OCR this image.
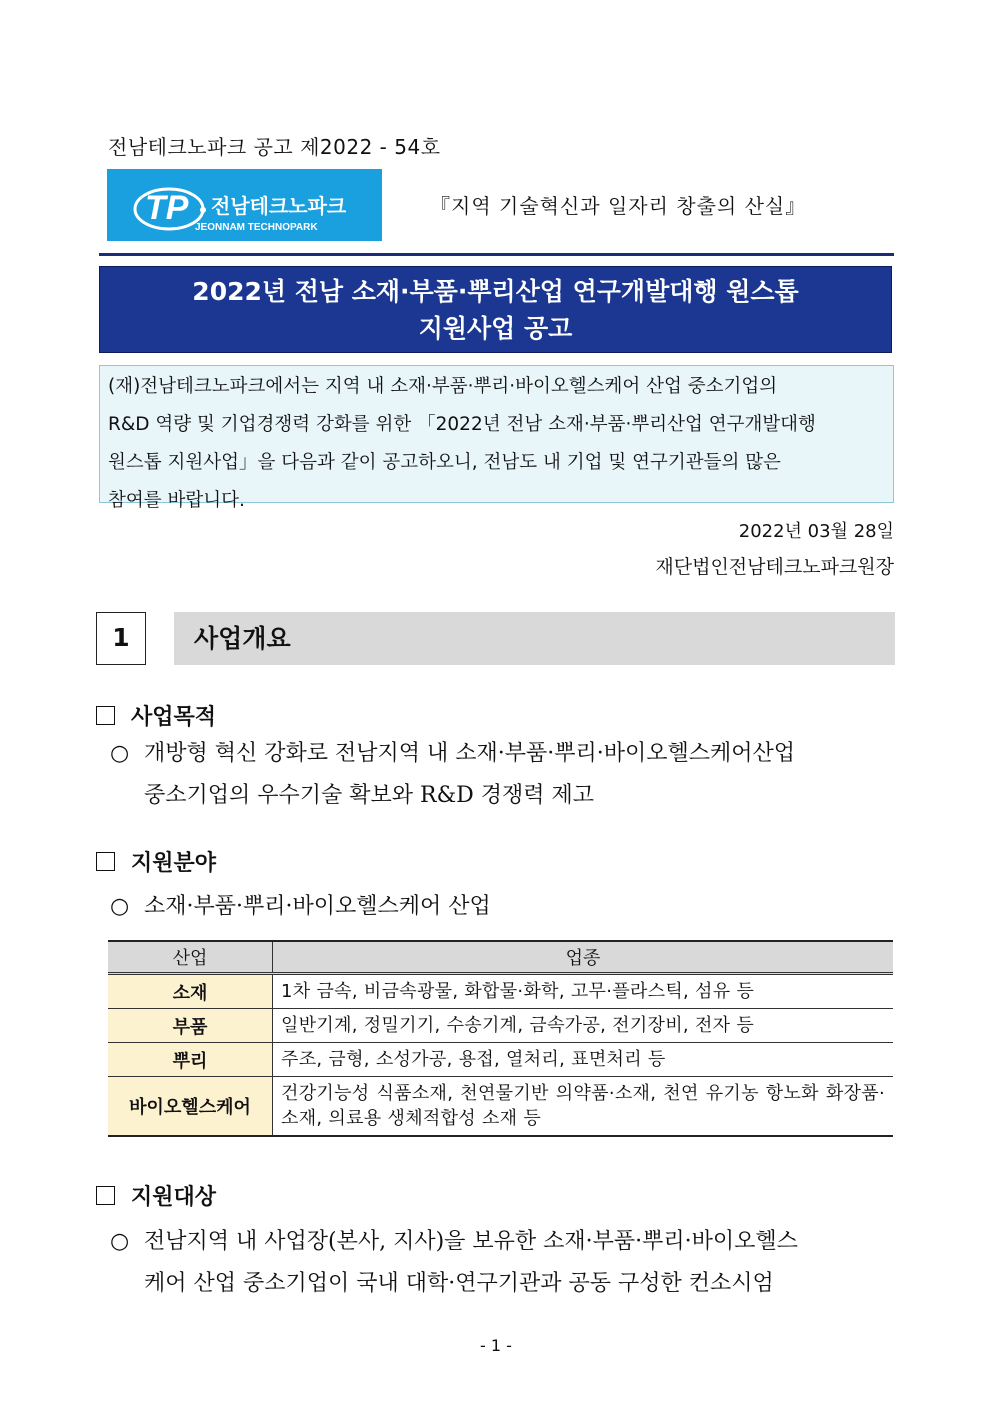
전남테크노파크 공고 제2022 - 54호
TP 전남테크노파크
JEONNAM TECHNOPARK
『지역 기술혁신과 일자리 창출의 산실』
2022년 전남 소재·부품·뿌리산업 연구개발대행 원스톱
지원사업 공고
(재)전남테크노파크에서는 지역 내 소재·부품·뿌리·바이오헬스케어 산업 중소기업의
R&D 역량 및 기업경쟁력 강화를 위한 「2022년 전남 소재·부품·뿌리산업 연구개발대행
원스톱 지원사업」을 다음과 같이 공고하오니, 전남도 내 기업 및 연구기관들의 많은
참여를 바랍니다.
2022년 03월 28일
재단법인전남테크노파크원장
1	사업개요
사업목적
○ 개방형 혁신 강화로 전남지역 내 소재·부품·뿌리·바이오헬스케어산업
중소기업의 우수기술 확보와 R&D 경쟁력 제고
지원분야
○ 소재·부품·뿌리·바이오헬스케어 산업
산업	업종
소재	1차 금속, 비금속광물, 화합물·화학, 고무·플라스틱, 섬유 등
부품	일반기계, 정밀기기, 수송기계, 금속가공, 전기장비, 전자 등
뿌리	주조, 금형, 소성가공, 용접, 열처리, 표면처리 등
바이오헬스케어	건강기능성 식품소재, 천연물기반 의약품·소재, 천연 유기농 항노화 화장품·소재, 의료용 생체적합성 소재 등
지원대상
○ 전남지역 내 사업장(본사, 지사)을 보유한 소재·부품·뿌리·바이오헬스
케어 산업 중소기업이 국내 대학·연구기관과 공동 구성한 컨소시엄
- 1 -
